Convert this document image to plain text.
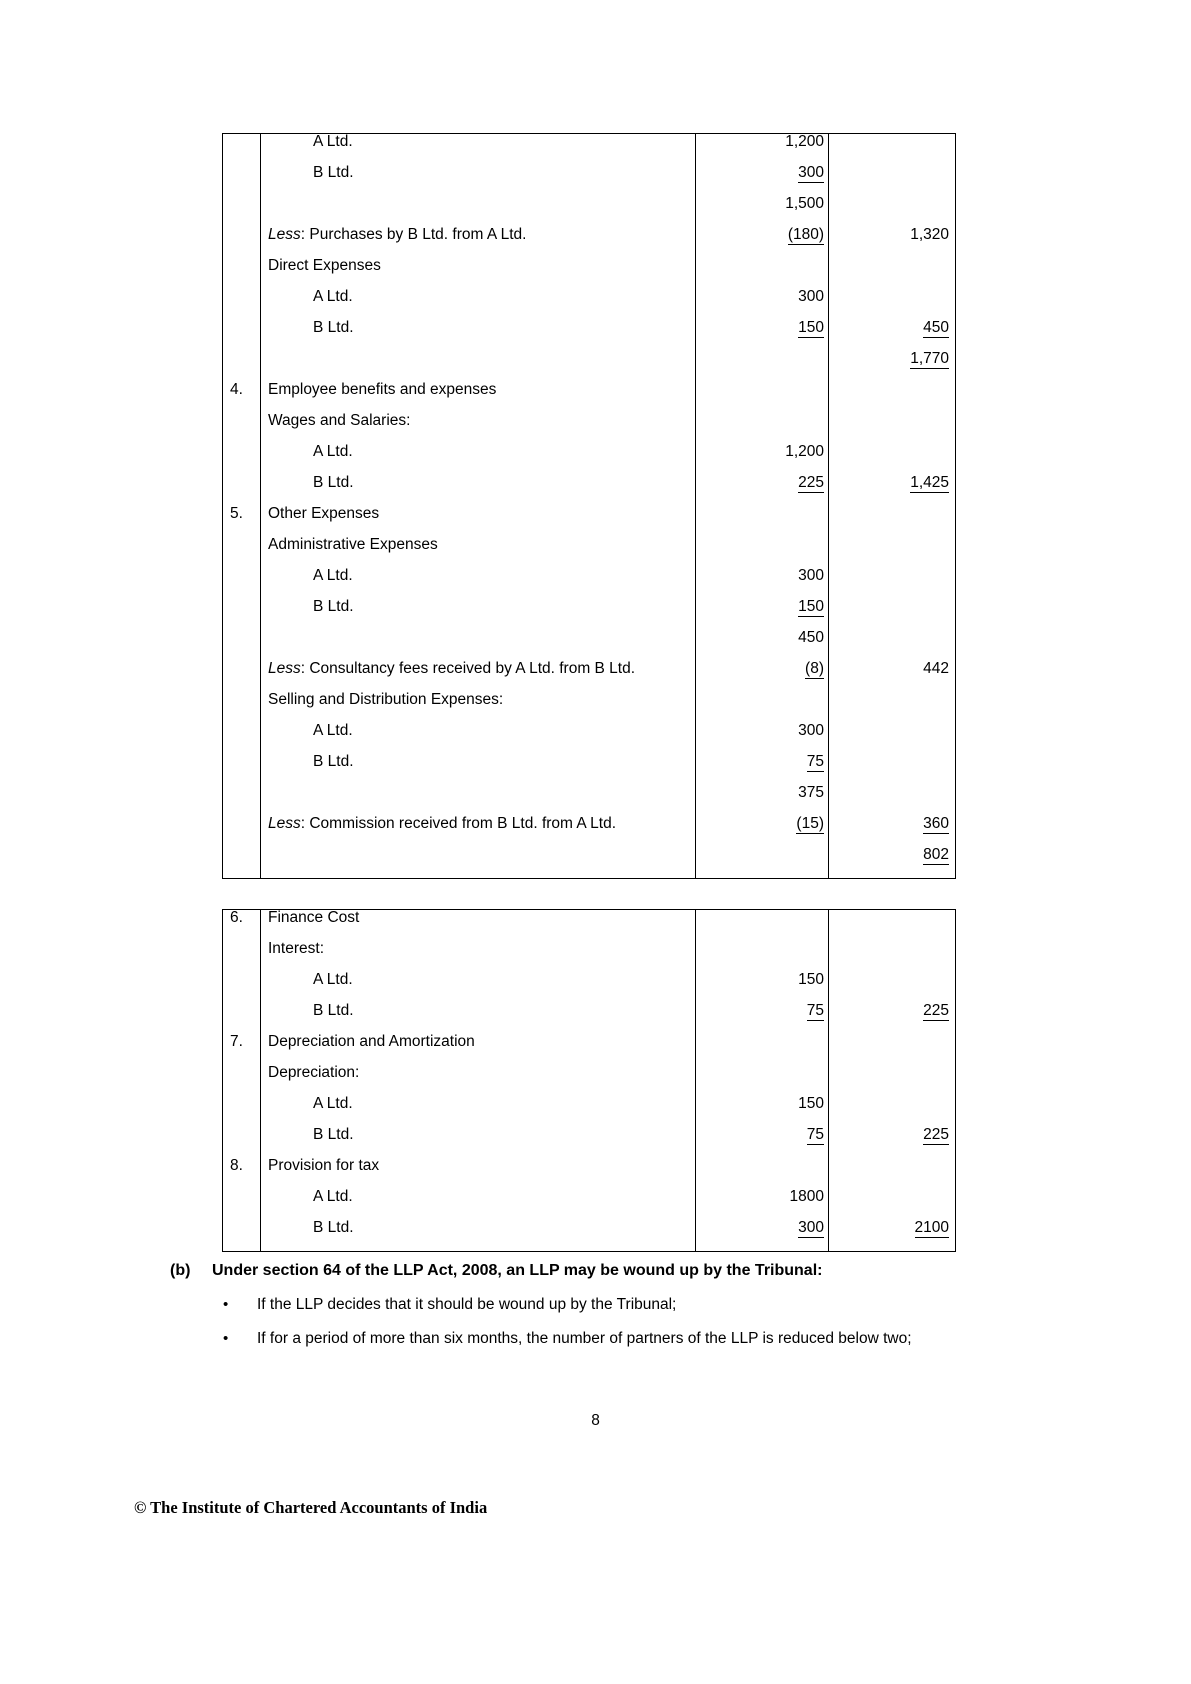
	A Ltd.	1,200	
	B Ltd.	300	
		1,500	
	Less: Purchases by B Ltd. from A Ltd.	(180)	1,320
	Direct Expenses		
	A Ltd.	300	
	B Ltd.	150	450
			1,770
4.	Employee benefits and expenses		
	Wages and Salaries:		
	A Ltd.	1,200	
	B Ltd.	225	1,425
5.	Other Expenses		
	Administrative Expenses		
	A Ltd.	300	
	B Ltd.	150	
		450	
	Less: Consultancy fees received by A Ltd. from B Ltd.	(8)	442
	Selling and Distribution Expenses:		
	A Ltd.	300	
	B Ltd.	75	
		375	
	Less: Commission received from B Ltd. from A Ltd.	(15)	360
			802
6.	Finance Cost		
	Interest:		
	A Ltd.	150	
	B Ltd.	75	225
7.	Depreciation and Amortization		
	Depreciation:		
	A Ltd.	150	
	B Ltd.	75	225
8.	Provision for tax		
	A Ltd.	1800	
	B Ltd.	300	2100
(b)	Under section 64 of the LLP Act, 2008, an LLP may be wound up by the Tribunal:
•	If the LLP decides that it should be wound up by the Tribunal;
•	If for a period of more than six months, the number of partners of the LLP is reduced below two;
8
© The Institute of Chartered Accountants of India
